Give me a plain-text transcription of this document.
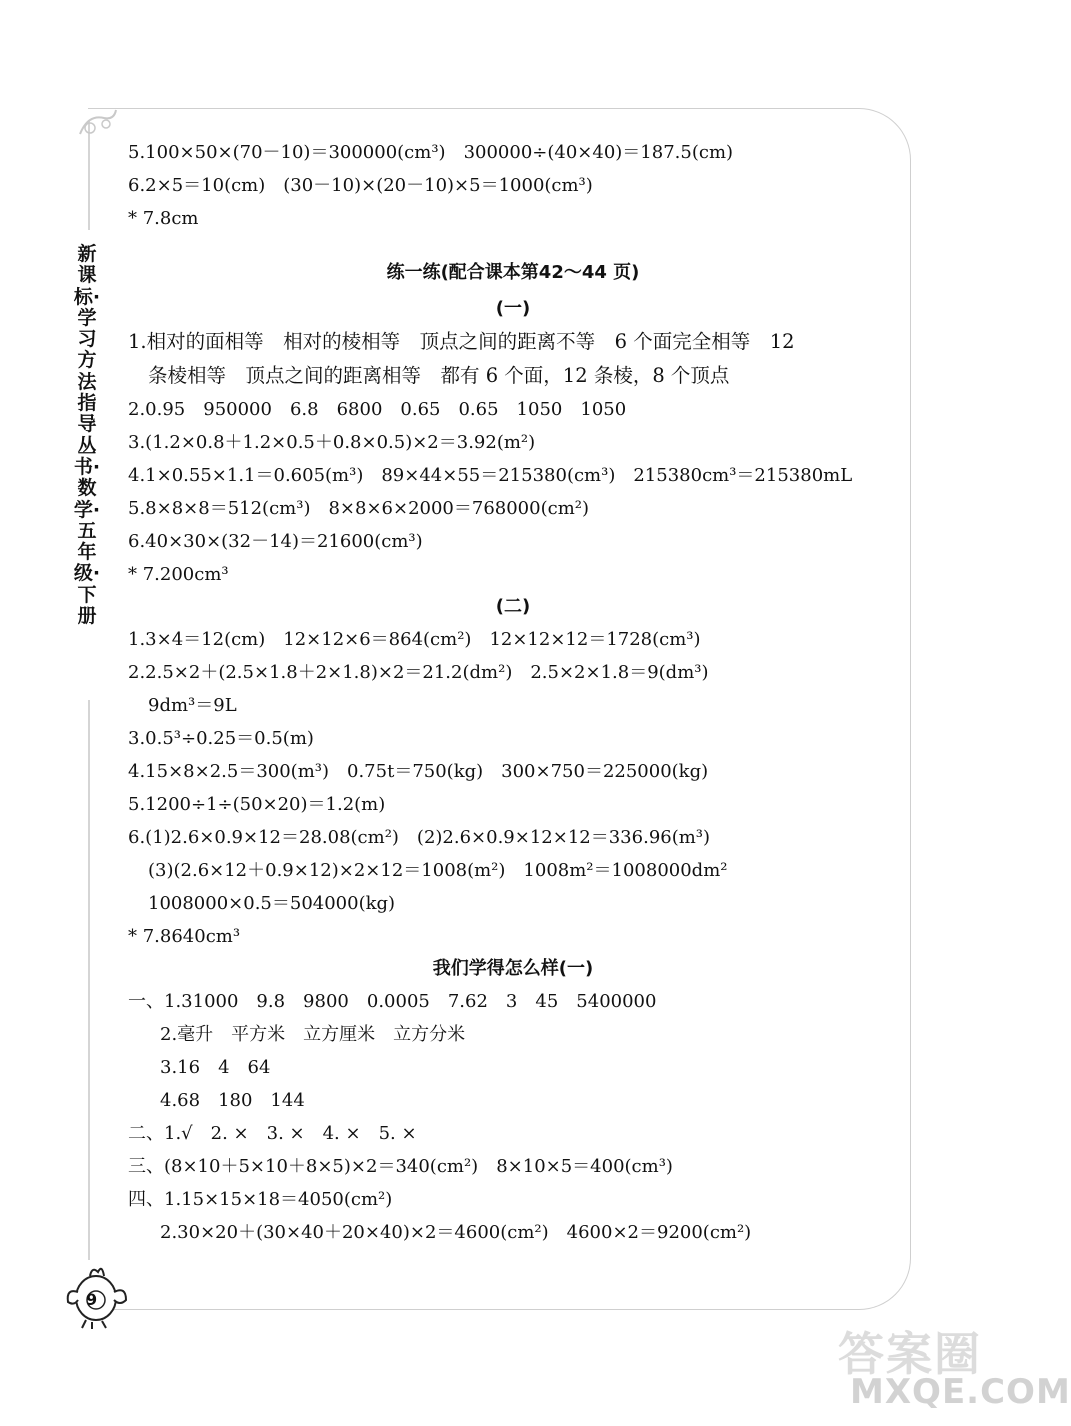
新课标·学习方法指导丛书·数学·五年级·下册
5.100×50×(70－10)＝300000(cm³)　300000÷(40×40)＝187.5(cm)
6.2×5＝10(cm)　(30－10)×(20－10)×5＝1000(cm³)
* 7.8cm
练一练(配合课本第42～44 页)
(一)
1.相对的面相等　相对的棱相等　顶点之间的距离不等　6 个面完全相等　12
条棱相等　顶点之间的距离相等　都有 6 个面，12 条棱，8 个顶点
2.0.95　950000　6.8　6800　0.65　0.65　1050　1050
3.(1.2×0.8＋1.2×0.5＋0.8×0.5)×2＝3.92(m²)
4.1×0.55×1.1＝0.605(m³)　89×44×55＝215380(cm³)　215380cm³＝215380mL
5.8×8×8＝512(cm³)　8×8×6×2000＝768000(cm²)
6.40×30×(32－14)＝21600(cm³)
* 7.200cm³
(二)
1.3×4＝12(cm)　12×12×6＝864(cm²)　12×12×12＝1728(cm³)
2.2.5×2＋(2.5×1.8＋2×1.8)×2＝21.2(dm²)　2.5×2×1.8＝9(dm³)
9dm³＝9L
3.0.5³÷0.25＝0.5(m)
4.15×8×2.5＝300(m³)　0.75t＝750(kg)　300×750＝225000(kg)
5.1200÷1÷(50×20)＝1.2(m)
6.(1)2.6×0.9×12＝28.08(cm²)　(2)2.6×0.9×12×12＝336.96(m³)
(3)(2.6×12＋0.9×12)×2×12＝1008(m²)　1008m²＝1008000dm²
1008000×0.5＝504000(kg)
* 7.8640cm³
我们学得怎么样(一)
一、1.31000　9.8　9800　0.0005　7.62　3　45　5400000
2.毫升　平方米　立方厘米　立方分米
3.16　4　64
4.68　180　144
二、1.√　2. ×　3. ×　4. ×　5. ×
三、(8×10＋5×10＋8×5)×2＝340(cm²)　8×10×5＝400(cm³)
四、1.15×15×18＝4050(cm²)
2.30×20＋(30×40＋20×40)×2＝4600(cm²)　4600×2＝9200(cm²)
9
答案圈
MXQE.COM
